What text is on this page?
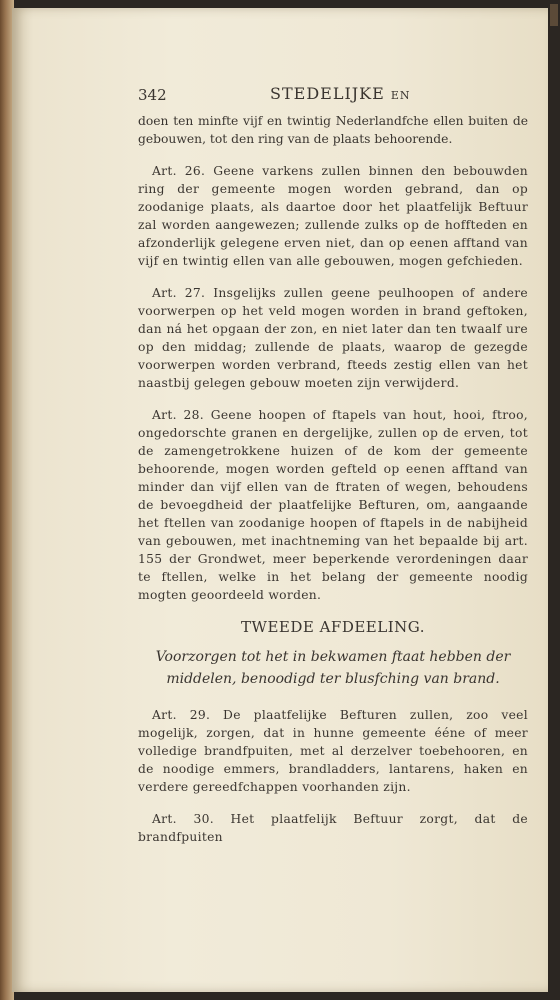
342	STEDELIJKE EN

doen ten minfte vijf en twintig Nederlandfche ellen buiten de gebouwen, tot den ring van de plaats behoorende.

Art. 26. Geene varkens zullen binnen den bebouwden ring der gemeente mogen worden gebrand, dan op zoodanige plaats, als daartoe door het plaatfelijk Beftuur zal worden aangewezen; zullende zulks op de hoffteden en afzonderlijk gelegene erven niet, dan op eenen afftand van vijf en twintig ellen van alle gebouwen, mogen gefchieden.

Art. 27. Insgelijks zullen geene peulhoopen of andere voorwerpen op het veld mogen worden in brand geftoken, dan ná het opgaan der zon, en niet later dan ten twaalf ure op den middag; zullende de plaats, waarop de gezegde voorwerpen worden verbrand, fteeds zestig ellen van het naastbij gelegen gebouw moeten zijn verwijderd.

Art. 28. Geene hoopen of ftapels van hout, hooi, ftroo, ongedorschte granen en dergelijke, zullen op de erven, tot de zamengetrokkene huizen of de kom der gemeente behoorende, mogen worden gefteld op eenen afftand van minder dan vijf ellen van de ftraten of wegen, behoudens de bevoegdheid der plaatfelijke Befturen, om, aangaande het ftellen van zoodanige hoopen of ftapels in de nabijheid van gebouwen, met inachtneming van het bepaalde bij art. 155 der Grondwet, meer beperkende verordeningen daar te ftellen, welke in het belang der gemeente noodig mogten geoordeeld worden.

TWEEDE AFDEELING.
Voorzorgen tot het in bekwamen ftaat hebben der middelen, benoodigd ter blusfching van brand.

Art. 29. De plaatfelijke Befturen zullen, zoo veel mogelijk, zorgen, dat in hunne gemeente ééne of meer volledige brandfpuiten, met al derzelver toebehooren, en de noodige emmers, brandladders, lantarens, haken en verdere gereedfchappen voorhanden zijn.

Art. 30. Het plaatfelijk Beftuur zorgt, dat de brandfpuiten
